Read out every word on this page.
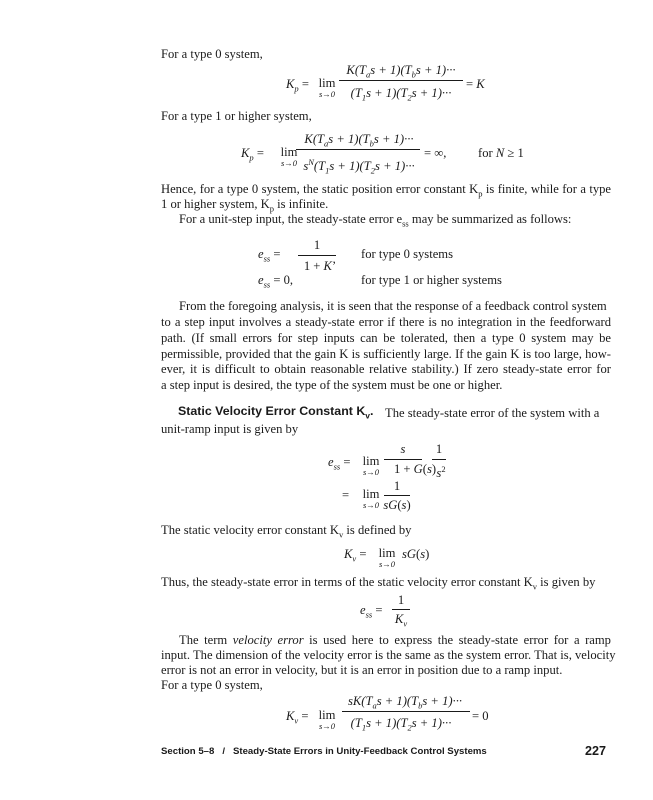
For a type 0 system,
$K_p = \lim$
s→0
$K(T_as + 1)(T_bs + 1)\cdot\cdot\cdot$
$(T_1s + 1)(T_2s + 1)\cdot\cdot\cdot$
= K
For a type 1 or higher system,
$K_p$ =	lim
s→0
$K(T_as + 1)(T_bs + 1)\cdot\cdot\cdot$
$s^N(T_1s + 1)(T_2s + 1)\cdot\cdot\cdot$
= ∞,	for N ≥ 1
Hence, for a type 0 system, the static position error constant $K_p$ is finite, while for a type
1 or higher system, $K_p$ is infinite.
For a unit-step input, the steady-state error $e_{ss}$ may be summarized as follows:
$e_{ss}$ =
1
1 + K’
for type 0 systems
$e_{ss} = 0$,	for type 1 or higher systems
From the foregoing analysis, it is seen that the response of a feedback control system
to a step input involves a steady-state error if there is no integration in the feedforward
path. (If small errors for step inputs can be tolerated, then a type 0 system may be
permissible, provided that the gain K is sufficiently large. If the gain K is too large, how-
ever, it is difficult to obtain reasonable relative stability.) If zero steady-state error for
a step input is desired, the type of the system must be one or higher.
Static Velocity Error Constant $K_v$. The steady-state error of the system with a
unit-ramp input is given by
$e_{ss} = \lim$
s→0
s
1 + G(s)
1
$s^2$
=	lim
s→0
1
sG(s)
The static velocity error constant $K_v$ is defined by
$K_v = \lim$
s→0
sG(s)
Thus, the steady-state error in terms of the static velocity error constant $K_v$ is given by
$e_{ss}$ =
1
$K_v$
The term velocity error is used here to express the steady-state error for a ramp
input. The dimension of the velocity error is the same as the system error. That is, velocity
error is not an error in velocity, but it is an error in position due to a ramp input.
For a type 0 system,
$K_v = \lim$
s→0
$sK(T_as + 1)(T_bs + 1)\cdot\cdot\cdot$
$(T_1s + 1)(T_2s + 1)\cdot\cdot\cdot$	= 0
Section 5–8 / Steady-State Errors in Unity-Feedback Control Systems	227
